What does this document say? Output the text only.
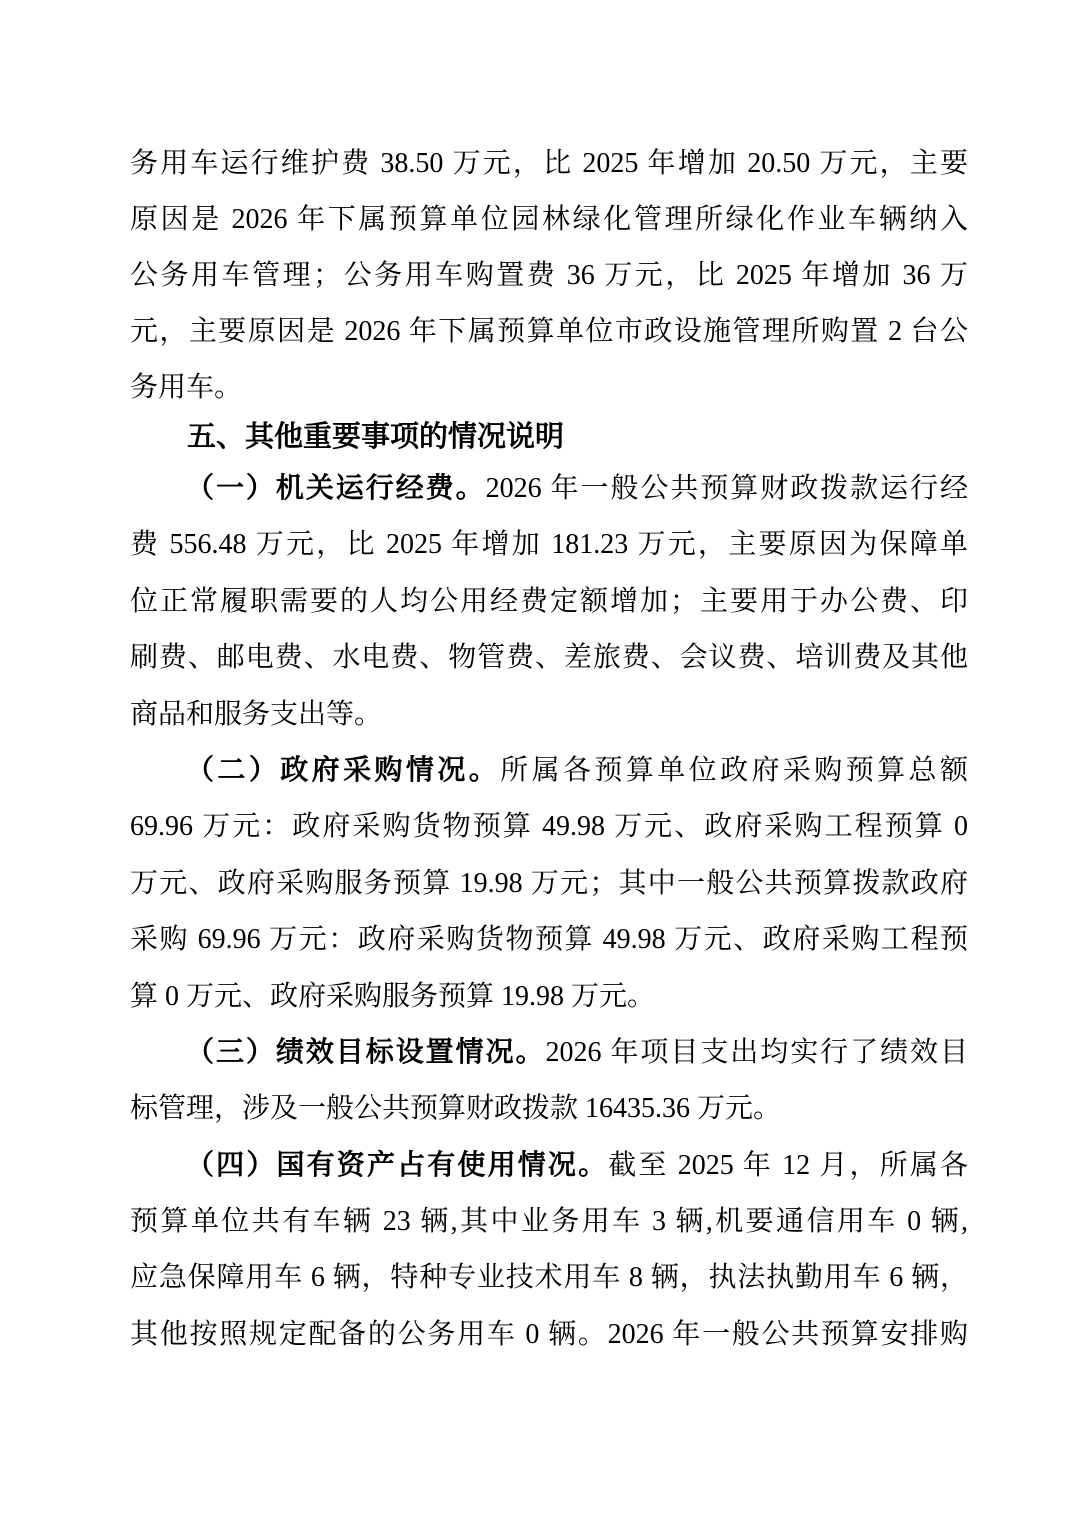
务用车运行维护费 38.50 万元，比 2025 年增加 20.50 万元，主要
原因是 2026 年下属预算单位园林绿化管理所绿化作业车辆纳入
公务用车管理；公务用车购置费 36 万元，比 2025 年增加 36 万
元，主要原因是 2026 年下属预算单位市政设施管理所购置 2 台公
务用车。
五、其他重要事项的情况说明
（一）机关运行经费。2026 年一般公共预算财政拨款运行经
费 556.48 万元，比 2025 年增加 181.23 万元，主要原因为保障单
位正常履职需要的人均公用经费定额增加；主要用于办公费、印
刷费、邮电费、水电费、物管费、差旅费、会议费、培训费及其他
商品和服务支出等。
（二）政府采购情况。所属各预算单位政府采购预算总额
69.96 万元：政府采购货物预算 49.98 万元、政府采购工程预算 0
万元、政府采购服务预算 19.98 万元；其中一般公共预算拨款政府
采购 69.96 万元：政府采购货物预算 49.98 万元、政府采购工程预
算 0 万元、政府采购服务预算 19.98 万元。
（三）绩效目标设置情况。2026 年项目支出均实行了绩效目
标管理，涉及一般公共预算财政拨款 16435.36 万元。
（四）国有资产占有使用情况。截至 2025 年 12 月，所属各
预算单位共有车辆 23 辆,其中业务用车 3 辆,机要通信用车 0 辆,
应急保障用车 6 辆，特种专业技术用车 8 辆，执法执勤用车 6 辆，
其他按照规定配备的公务用车 0 辆。2026 年一般公共预算安排购
